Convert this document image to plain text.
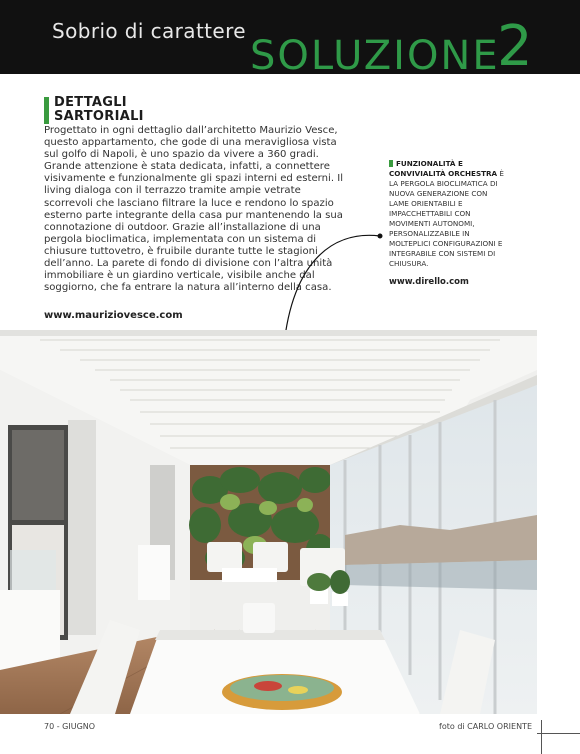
Sobrio di carattere
SOLUZIONE
2
DETTAGLI
SARTORIALI

Progettato in ogni dettaglio dall’architetto Maurizio Vesce, questo appartamento, che gode di una meravigliosa vista sul golfo di Napoli, è uno spazio da vivere a 360 gradi. Grande attenzione è stata dedicata, infatti, a connettere visivamente e funzionalmente gli spazi interni ed esterni. Il living dialoga con il terrazzo tramite ampie vetrate scorrevoli che lasciano filtrare la luce e rendono lo spazio esterno parte integrante della casa pur mantenendo la sua connotazione di outdoor. Grazie all’installazione di una pergola bioclimatica, implementata con un sistema di chiusure tuttovetro, è fruibile durante tutte le stagioni dell’anno. La parete di fondo di divisione con l’altra unità immobiliare è un giardino verticale, visibile anche dal soggiorno, che fa entrare la natura all’interno della casa.

www.mauriziovesce.com
FUNZIONALITÀ E CONVIVIALITÀ ORCHESTRA È LA PERGOLA BIOCLIMATICA DI NUOVA GENERAZIONE CON LAME ORIENTABILI E IMPACCHETTABILI CON MOVIMENTI AUTONOMI, PERSONALIZZABILE IN MOLTEPLICI CONFIGURAZIONI E INTEGRABILE CON SISTEMI DI CHIUSURA.
www.dirello.com
70 - GIUGNO	foto di CARLO ORIENTE
